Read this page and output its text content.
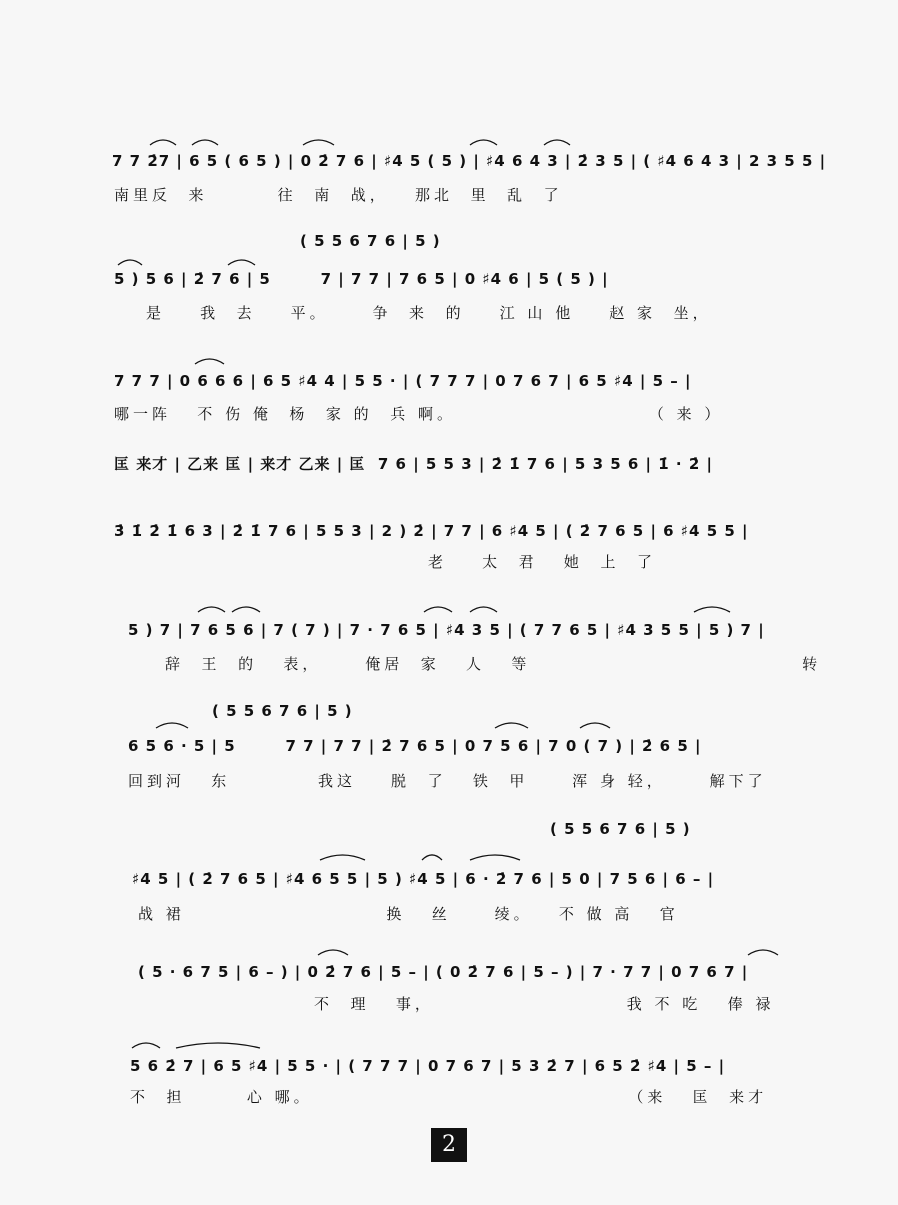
7 7 2̇7 | 6 5 ( 6 5 ) | 0 2̇ 7 6 | ♯4 5 ( 5 ) | ♯4 6 4 3 | 2̇ 3 5 | ( ♯4 6 4 3 | 2 3 5 5 |
南里反  来        往  南  战，   那北  里  乱  了
( 5 5 6 7 6 | 5 )
5 ) 5 6 | 2̇ 7 6 | 5        7 | 7 7 | 7 6 5 | 0 ♯4 6 | 5 ( 5 ) |
是    我  去    平。     争  来  的    江 山 他    赵 家  坐，
7 7 7 | 0 6 6 6 | 6 5 ♯4 4 | 5 5 · | ( 7 7 7 | 0 7 6 7 | 6 5 ♯4 | 5 – |
哪一阵   不 伤 俺  杨  家 的  兵 啊。                      （ 来 ）
匡 来才 | 乙来 匡 | 来才 乙来 | 匡  7 6 | 5 5 3 | 2̇ 1̇ 7 6 | 5 3 5 6 | 1̇ · 2̇ |
3̇ 1̇ 2̇ 1̇ 6 3 | 2̇ 1̇ 7 6 | 5 5 3 | 2 ) 2̇ | 7 7 | 6 ♯4 5 | ( 2̇ 7 6 5 | 6 ♯4 5 5 |
老    太  君   她  上  了
5 ) 7 | 7 6 5 6 | 7 ( 7 ) | 7 · 7 6 5 | ♯4 3 5 | ( 7 7 6 5 | ♯4 3 5 5 | 5 ) 7 |
辞  王  的   表，     俺居  家   人   等                               转
( 5 5 6 7 6 | 5 )
6 5 6 · 5 | 5        7 7 | 7 7 | 2̇ 7 6 5 | 0 7 5 6 | 7 0 ( 7 ) | 2̇ 6 5 |
回到河   东          我这    脱  了   铁  甲     浑 身 轻，     解下了
( 5 5 6 7 6 | 5 )
♯4 5 | ( 2̇ 7 6 5 | ♯4 6 5 5 | 5 ) ♯4 5 | 6 · 2̇ 7 6 | 5 0 | 7 5 6 | 6 – |
战 裙                       换   丝     绫。   不 做 高   官
( 5 · 6 7 5 | 6 – ) | 0 2̇ 7 6 | 5 – | ( 0 2̇ 7 6 | 5 – ) | 7 · 7 7 | 0 7 6 7 |
不  理   事，                      我 不 吃   俸 禄
5 6 2̇ 7 | 6 5 ♯4 | 5 5 · | ( 7 7 7 | 0 7 6 7 | 5 3 2̇ 7 | 6 5 2̇ ♯4 | 5 – |
不  担       心 哪。                                    （来   匡  来才
2
